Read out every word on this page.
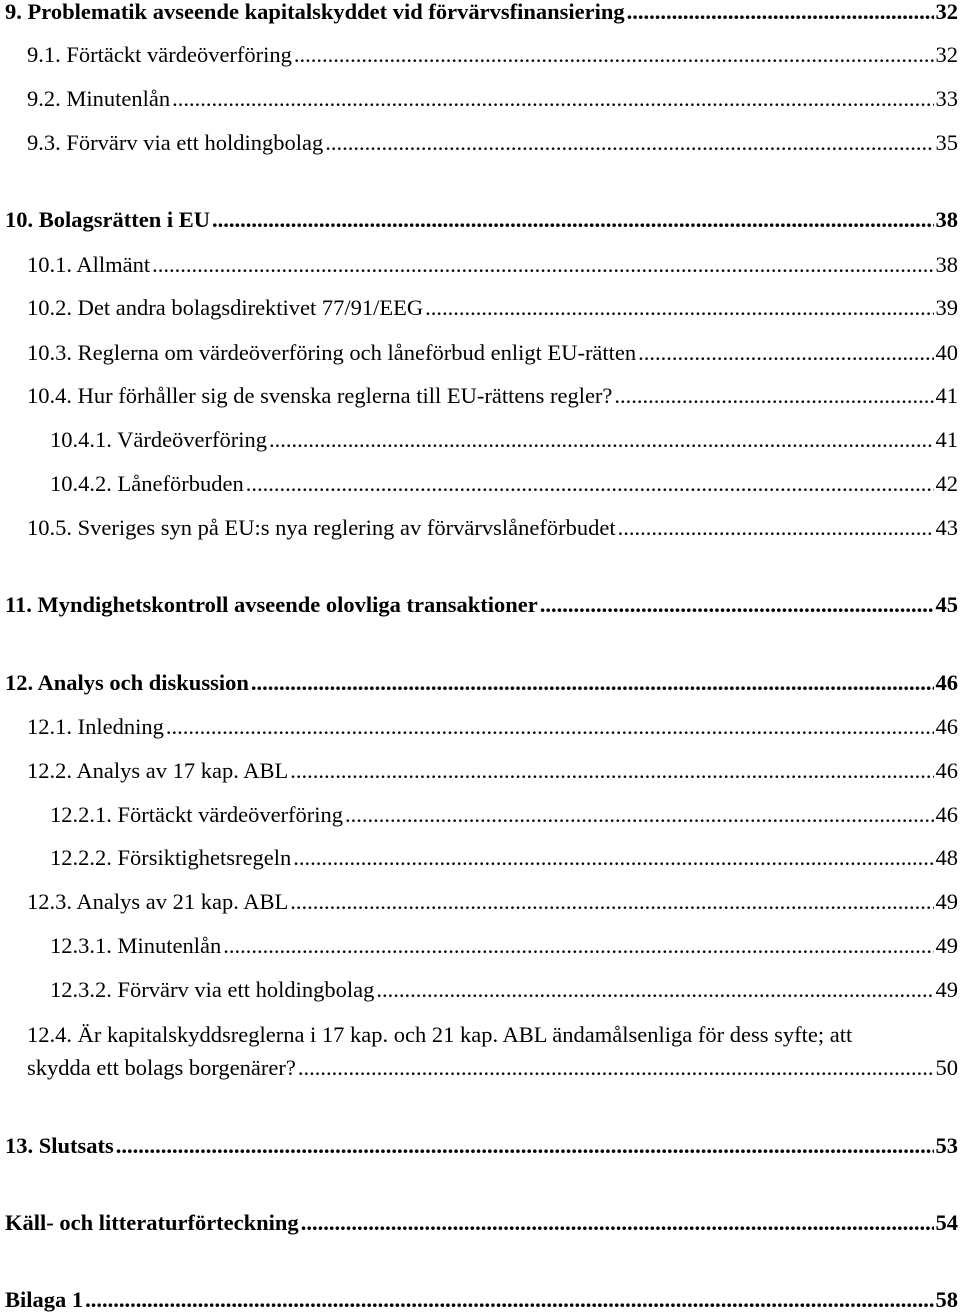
9. Problematik avseende kapitalskyddet vid förvärvsfinansiering .....	32
9.1. Förtäckt värdeöverföring .....	32
9.2. Minutenlån .....	33
9.3. Förvärv via ett holdingbolag .....	35
10. Bolagsrätten i EU .....	38
10.1. Allmänt .....	38
10.2. Det andra bolagsdirektivet 77/91/EEG .....	39
10.3. Reglerna om värdeöverföring och låneförbud enligt EU-rätten .....	40
10.4. Hur förhåller sig de svenska reglerna till EU-rättens regler? .....	41
10.4.1. Värdeöverföring .....	41
10.4.2. Låneförbuden .....	42
10.5. Sveriges syn på EU:s nya reglering av förvärvslåneförbudet .....	43
11. Myndighetskontroll avseende olovliga transaktioner .....	45
12. Analys och diskussion .....	46
12.1. Inledning .....	46
12.2. Analys av 17 kap. ABL .....	46
12.2.1. Förtäckt värdeöverföring .....	46
12.2.2. Försiktighetsregeln .....	48
12.3. Analys av 21 kap. ABL .....	49
12.3.1. Minutenlån .....	49
12.3.2. Förvärv via ett holdingbolag .....	49
12.4. Är kapitalskyddsreglerna i 17 kap. och 21 kap. ABL ändamålsenliga för dess syfte; att
skydda ett bolags borgenärer? .....	50
13. Slutsats .....	53
Käll- och litteraturförteckning .....	54
Bilaga 1 .....	58
